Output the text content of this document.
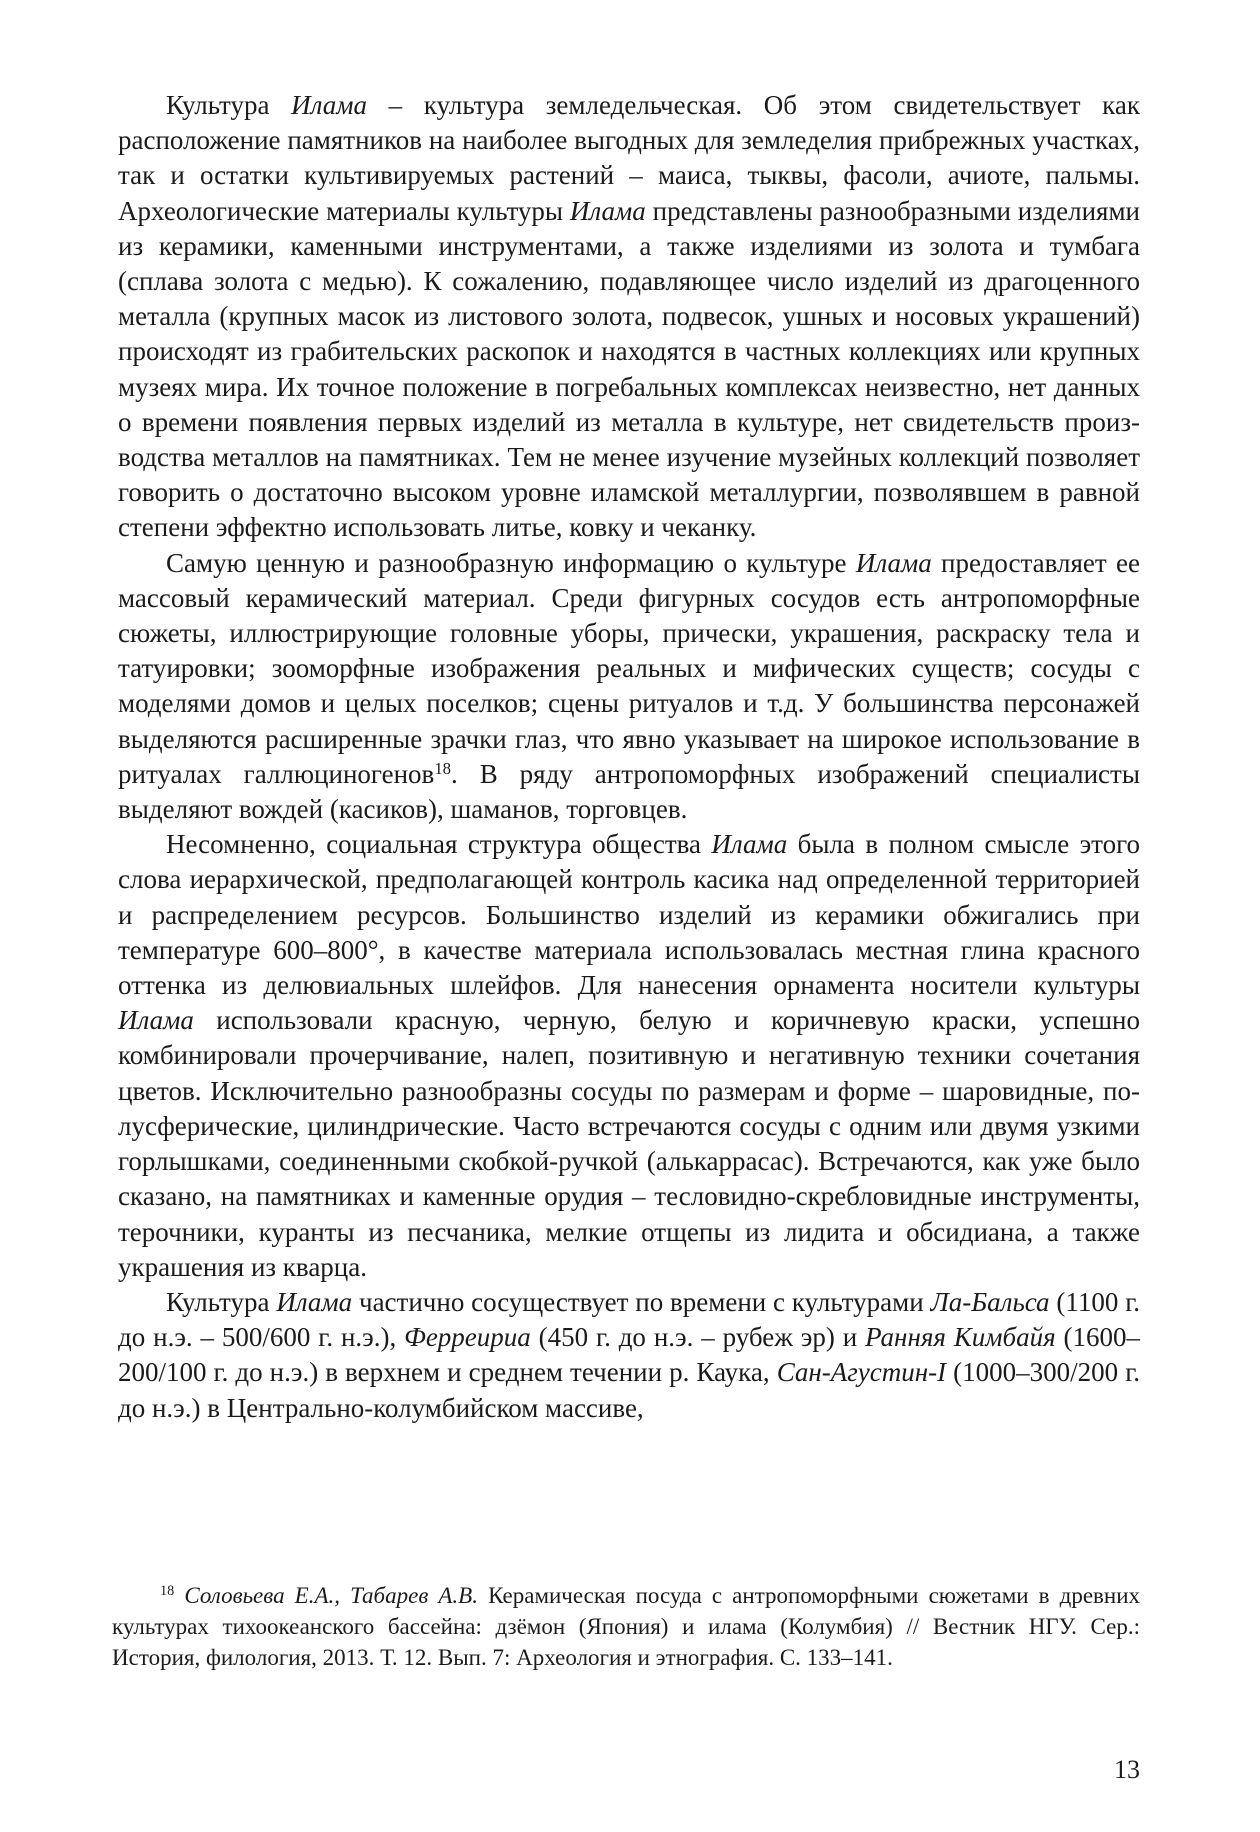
Культура Илама – культура земледельческая. Об этом свидетельствует как расположение памятников на наиболее выгодных для земледелия прибрежных участках, так и остатки культивируемых растений – маиса, тыквы, фасоли, ачиоте, пальмы. Археологические материалы культуры Илама представлены разнообразными изделиями из керамики, каменными инструментами, а также изделиями из золота и тумбага (сплава золота с медью). К сожалению, подавляющее число изделий из драгоценного металла (крупных масок из листового золота, подвесок, ушных и носовых украшений) происходят из грабительских раскопок и находятся в частных коллекциях или крупных музеях мира. Их точное положение в погребальных комплексах неизвестно, нет данных о времени появления первых изделий из металла в культуре, нет свидетельств производства металлов на памятниках. Тем не менее изучение музейных коллекций позволяет говорить о достаточно высоком уровне иламской металлургии, позволявшем в равной степени эффектно использовать литье, ковку и чеканку.

Самую ценную и разнообразную информацию о культуре Илама предоставляет ее массовый керамический материал. Среди фигурных сосудов есть антропоморфные сюжеты, иллюстрирующие головные уборы, прически, украшения, раскраску тела и татуировки; зооморфные изображения реальных и мифических существ; сосуды с моделями домов и целых поселков; сцены ритуалов и т.д. У большинства персонажей выделяются расширенные зрачки глаз, что явно указывает на широкое использование в ритуалах галлюциногенов$^{18}$. В ряду антропоморфных изображений специалисты выделяют вождей (касиков), шаманов, торговцев.

Несомненно, социальная структура общества Илама была в полном смысле этого слова иерархической, предполагающей контроль касика над определенной территорией и распределением ресурсов. Большинство изделий из керамики обжигались при температуре 600–800°, в качестве материала использовалась местная глина красного оттенка из делювиальных шлейфов. Для нанесения орнамента носители культуры Илама использовали красную, черную, белую и коричневую краски, успешно комбинировали прочерчивание, налеп, позитивную и негативную техники сочетания цветов. Исключительно разнообразны сосуды по размерам и форме – шаровидные, полусферические, цилиндрические. Часто встречаются сосуды с одним или двумя узкими горлышками, соединенными скобкой-ручкой (алькаррасас). Встречаются, как уже было сказано, на памятниках и каменные орудия – тесловидно-скребловидные инструменты, терочники, куранты из песчаника, мелкие отщепы из лидита и обсидиана, а также украшения из кварца.

Культура Илама частично сосуществует по времени с культурами Ла-Бальса (1100 г. до н.э. – 500/600 г. н.э.), Ферреириа (450 г. до н.э. – рубеж эр) и Ранняя Кимбайя (1600–200/100 г. до н.э.) в верхнем и среднем течении р. Каука, Сан-Агустин-I (1000–300/200 г. до н.э.) в Центрально-колумбийском массиве,

$^{18}$ Соловьева Е.А., Табарев А.В. Керамическая посуда с антропоморфными сюжетами в древних культурах тихоокеанского бассейна: дзёмон (Япония) и илама (Колумбия) // Вестник НГУ. Сер.: История, филология, 2013. Т. 12. Вып. 7: Археология и этнография. С. 133–141.

13
